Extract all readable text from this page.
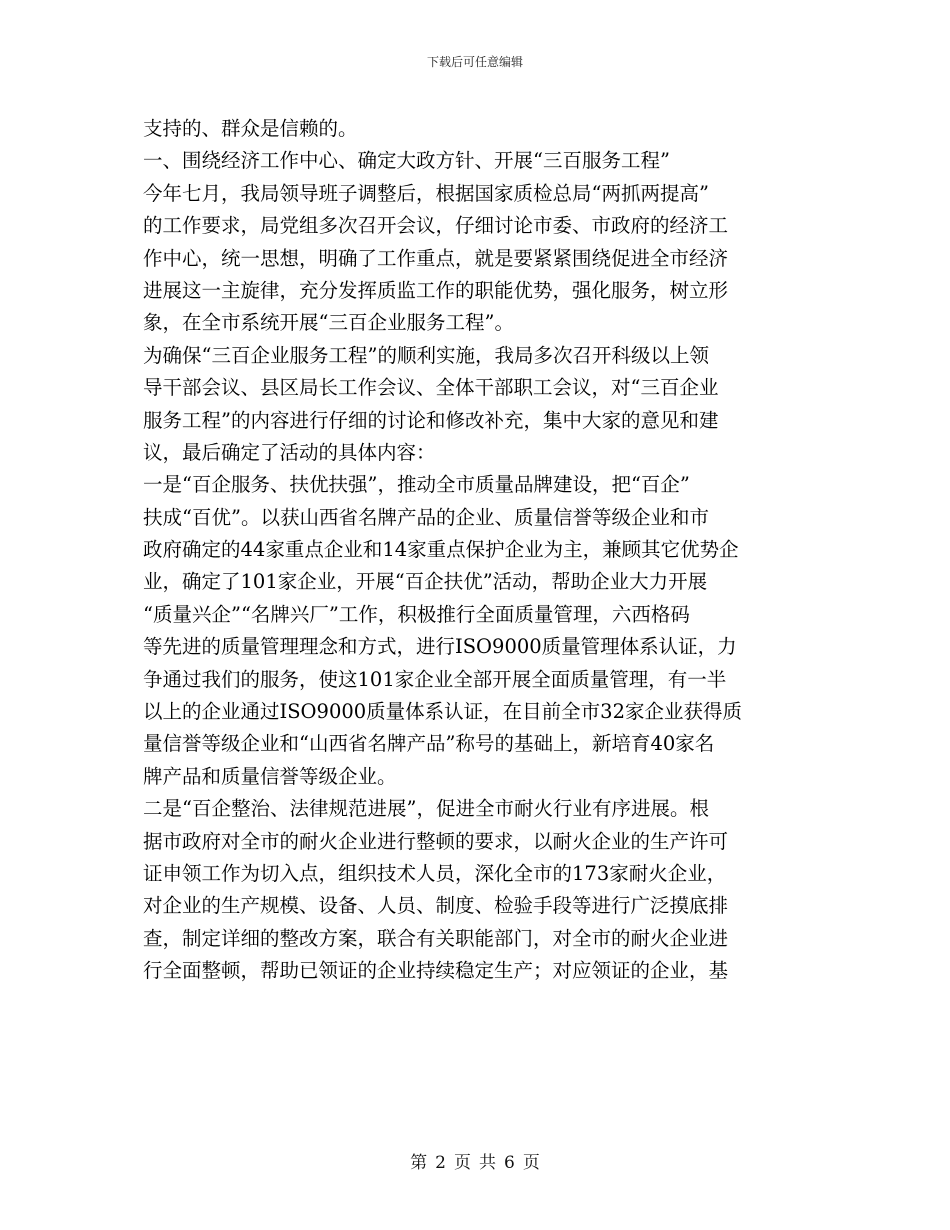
下载后可任意编辑
支持的、群众是信赖的。
一、围绕经济工作中心、确定大政方针、开展“三百服务工程”
今年七月，我局领导班子调整后，根据国家质检总局“两抓两提高”
的工作要求，局党组多次召开会议，仔细讨论市委、市政府的经济工
作中心，统一思想，明确了工作重点，就是要紧紧围绕促进全市经济
进展这一主旋律，充分发挥质监工作的职能优势，强化服务，树立形
象，在全市系统开展“三百企业服务工程”。
为确保“三百企业服务工程”的顺利实施，我局多次召开科级以上领
导干部会议、县区局长工作会议、全体干部职工会议，对“三百企业
服务工程”的内容进行仔细的讨论和修改补充，集中大家的意见和建
议，最后确定了活动的具体内容：
一是“百企服务、扶优扶强”，推动全市质量品牌建设，把“百企”
扶成“百优”。以获山西省名牌产品的企业、质量信誉等级企业和市
政府确定的44家重点企业和14家重点保护企业为主，兼顾其它优势企
业，确定了101家企业，开展“百企扶优”活动，帮助企业大力开展
“质量兴企”“名牌兴厂”工作，积极推行全面质量管理，六西格码
等先进的质量管理理念和方式，进行ISO9000质量管理体系认证，力
争通过我们的服务，使这101家企业全部开展全面质量管理，有一半
以上的企业通过ISO9000质量体系认证，在目前全市32家企业获得质
量信誉等级企业和“山西省名牌产品”称号的基础上，新培育40家名
牌产品和质量信誉等级企业。
二是“百企整治、法律规范进展”，促进全市耐火行业有序进展。根
据市政府对全市的耐火企业进行整顿的要求，以耐火企业的生产许可
证申领工作为切入点，组织技术人员，深化全市的173家耐火企业，
对企业的生产规模、设备、人员、制度、检验手段等进行广泛摸底排
查，制定详细的整改方案，联合有关职能部门，对全市的耐火企业进
行全面整顿，帮助已领证的企业持续稳定生产；对应领证的企业，基
第 2 页 共 6 页
